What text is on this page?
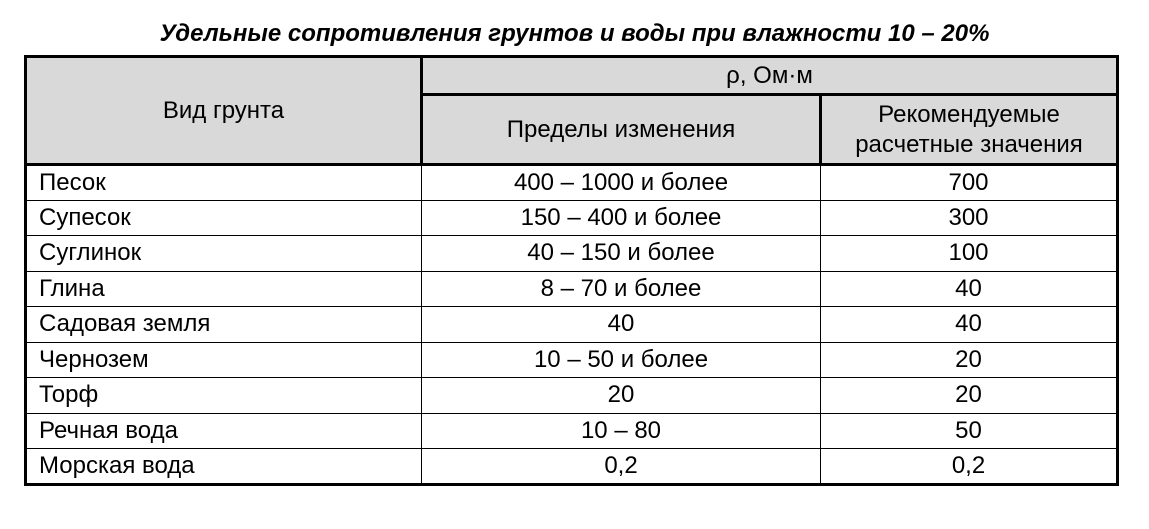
Удельные сопротивления грунтов и воды при влажности 10 – 20%
Вид грунта	ρ, Ом·м	
	Пределы изменения	Рекомендуемые
расчетные значения

Песок	400 – 1000 и более	700
Супесок	150 – 400 и более	300
Суглинок	40 – 150 и более	100
Глина	8 – 70 и более	40
Садовая земля	40	40
Чернозем	10 – 50 и более	20
Торф	20	20
Речная вода	10 – 80	50
Морская вода	0,2	0,2
